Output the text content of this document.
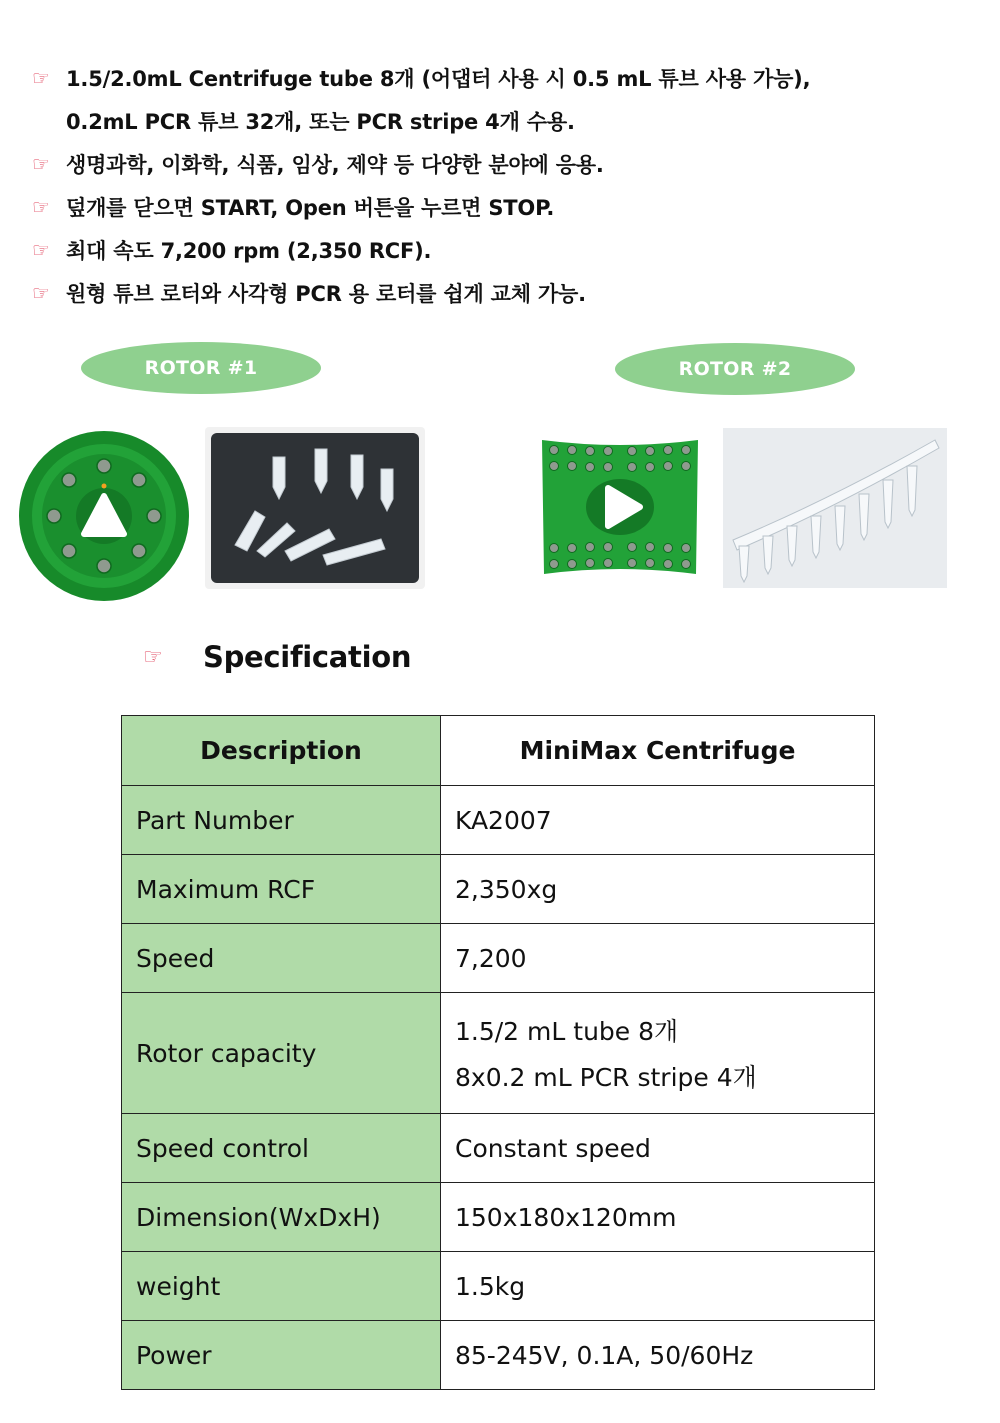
☞ 1.5/2.0mL Centrifuge tube 8개 (어댑터 사용 시 0.5 mL 튜브 사용 가능),
0.2mL PCR 튜브 32개, 또는 PCR stripe 4개 수용.
☞ 생명과학, 이화학, 식품, 임상, 제약 등 다양한 분야에 응용.
☞ 덮개를 닫으면 START, Open 버튼을 누르면 STOP.
☞ 최대 속도 7,200 rpm (2,350 RCF).
☞ 원형 튜브 로터와 사각형 PCR 용 로터를 쉽게 교체 가능.
ROTOR #1	ROTOR #2
☞	Specification
Description	MiniMax Centrifuge
Part Number	KA2007
Maximum RCF	2,350xg
Speed	7,200
Rotor capacity	1.5/2 mL tube 8개
8x0.2 mL PCR stripe 4개

Speed control	Constant speed
Dimension(WxDxH)	150x180x120mm
weight	1.5kg
Power	85-245V, 0.1A, 50/60Hz
